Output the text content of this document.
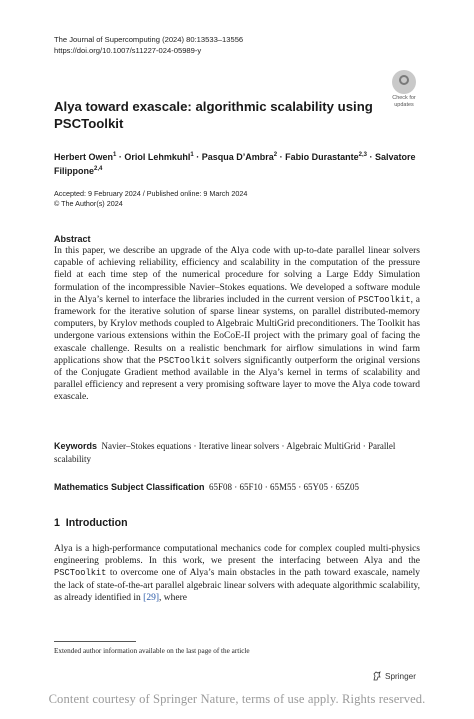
The Journal of Supercomputing (2024) 80:13533–13556
https://doi.org/10.1007/s11227-024-05989-y
Check for
updates
Alya toward exascale: algorithmic scalability using PSCToolkit
Herbert Owen$^1$ · Oriol Lehmkuhl$^1$ · Pasqua D’Ambra$^2$ · Fabio Durastante$^{2,3}$ · Salvatore Filippone$^{2,4}$
Accepted: 9 February 2024 / Published online: 9 March 2024
© The Author(s) 2024
Abstract
In this paper, we describe an upgrade of the Alya code with up-to-date parallel linear solvers capable of achieving reliability, efficiency and scalability in the computation of the pressure field at each time step of the numerical procedure for solving a Large Eddy Simulation formulation of the incompressible Navier–Stokes equations. We developed a software module in the Alya’s kernel to interface the libraries included in the current version of PSCToolkit, a framework for the iterative solution of sparse linear systems, on parallel distributed-memory computers, by Krylov methods coupled to Algebraic MultiGrid preconditioners. The Toolkit has undergone various extensions within the EoCoE-II project with the primary goal of facing the exascale challenge. Results on a realistic benchmark for airflow simulations in wind farm applications show that the PSCToolkit solvers significantly outperform the original versions of the Conjugate Gradient method available in the Alya’s kernel in terms of scalability and parallel efficiency and represent a very promising software layer to move the Alya code toward exascale.
Keywords Navier–Stokes equations · Iterative linear solvers · Algebraic MultiGrid · Parallel scalability
Mathematics Subject Classification 65F08 · 65F10 · 65M55 · 65Y05 · 65Z05
1  Introduction
Alya is a high-performance computational mechanics code for complex coupled multi-physics engineering problems. In this work, we present the interfacing between Alya and the PSCToolkit to overcome one of Alya’s main obstacles in the path toward exascale, namely the lack of state-of-the-art parallel algebraic linear solvers with adequate algorithmic scalability, as already identified in [29], where
Extended author information available on the last page of the article
Springer
Content courtesy of Springer Nature, terms of use apply. Rights reserved.
